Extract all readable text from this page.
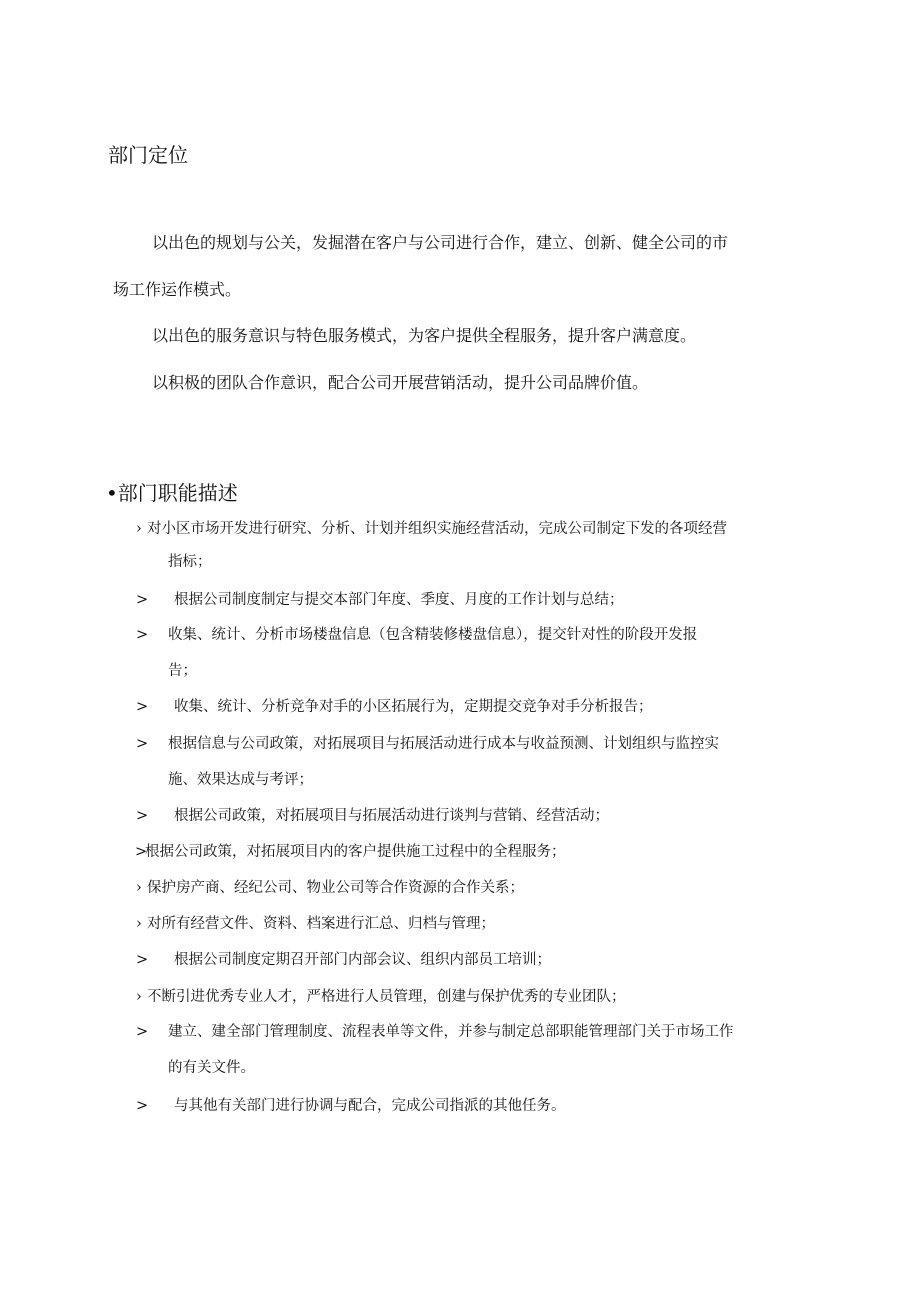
部门定位

以出色的规划与公关，发掘潜在客户与公司进行合作，建立、创新、健全公司的市

场工作运作模式。

以出色的服务意识与特色服务模式，为客户提供全程服务，提升客户满意度。

以积极的团队合作意识，配合公司开展营销活动，提升公司品牌价值。

•部门职能描述
› 对小区市场开发进行研究、分析、计划并组织实施经营活动，完成公司制定下发的各项经营
指标；
> 根据公司制度制定与提交本部门年度、季度、月度的工作计划与总结；
> 收集、统计、分析市场楼盘信息（包含精装修楼盘信息），提交针对性的阶段开发报
告；
> 收集、统计、分析竞争对手的小区拓展行为，定期提交竞争对手分析报告；
> 根据信息与公司政策，对拓展项目与拓展活动进行成本与收益预测、计划组织与监控实
施、效果达成与考评；
> 根据公司政策，对拓展项目与拓展活动进行谈判与营销、经营活动；
>
根据公司政策，对拓展项目内的客户提供施工过程中的全程服务；
› 保护房产商、经纪公司、物业公司等合作资源的合作关系；
› 对所有经营文件、资料、档案进行汇总、归档与管理；
> 根据公司制度定期召开部门内部会议、组织内部员工培训；
› 不断引进优秀专业人才，严格进行人员管理，创建与保护优秀的专业团队；
> 建立、建全部门管理制度、流程表单等文件，并参与制定总部职能管理部门关于市场工作
的有关文件。
> 与其他有关部门进行协调与配合，完成公司指派的其他任务。
